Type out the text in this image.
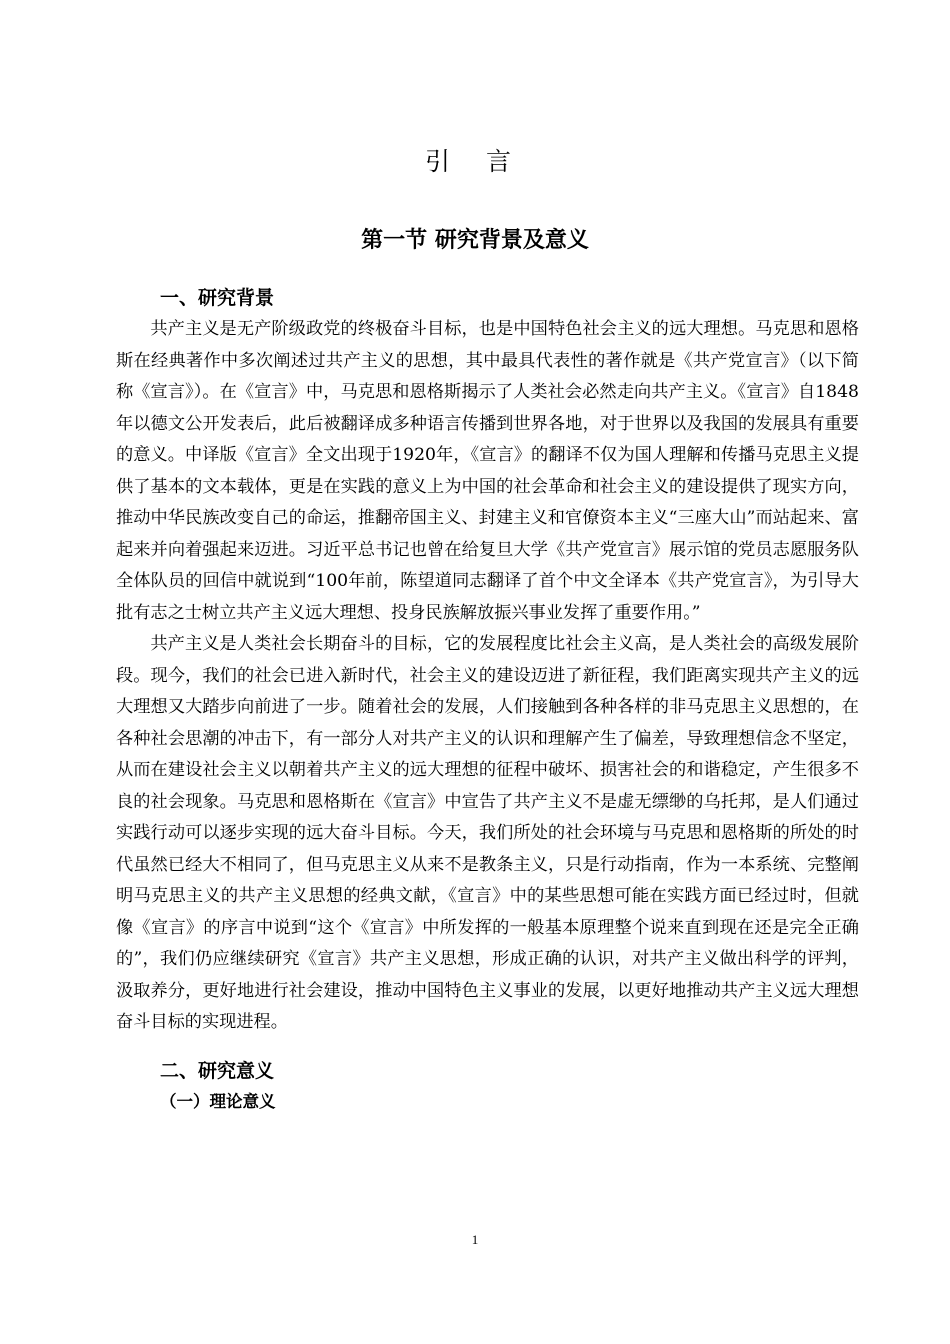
引 言
第一节 研究背景及意义

一、研究背景

共产主义是无产阶级政党的终极奋斗目标，也是中国特色社会主义的远大理想。马克思和恩格斯在经典著作中多次阐述过共产主义的思想，其中最具代表性的著作就是《共产党宣言》（以下简称《宣言》）。在《宣言》中，马克思和恩格斯揭示了人类社会必然走向共产主义。《宣言》自1848年以德文公开发表后，此后被翻译成多种语言传播到世界各地，对于世界以及我国的发展具有重要的意义。中译版《宣言》全文出现于1920年，《宣言》的翻译不仅为国人理解和传播马克思主义提供了基本的文本载体，更是在实践的意义上为中国的社会革命和社会主义的建设提供了现实方向，推动中华民族改变自己的命运，推翻帝国主义、封建主义和官僚资本主义“三座大山”而站起来、富起来并向着强起来迈进。习近平总书记也曾在给复旦大学《共产党宣言》展示馆的党员志愿服务队全体队员的回信中就说到“100年前，陈望道同志翻译了首个中文全译本《共产党宣言》，为引导大批有志之士树立共产主义远大理想、投身民族解放振兴事业发挥了重要作用。”

共产主义是人类社会长期奋斗的目标，它的发展程度比社会主义高，是人类社会的高级发展阶段。现今，我们的社会已进入新时代，社会主义的建设迈进了新征程，我们距离实现共产主义的远大理想又大踏步向前进了一步。随着社会的发展，人们接触到各种各样的非马克思主义思想的，在各种社会思潮的冲击下，有一部分人对共产主义的认识和理解产生了偏差，导致理想信念不坚定，从而在建设社会主义以朝着共产主义的远大理想的征程中破坏、损害社会的和谐稳定，产生很多不良的社会现象。马克思和恩格斯在《宣言》中宣告了共产主义不是虚无缥缈的乌托邦，是人们通过实践行动可以逐步实现的远大奋斗目标。今天，我们所处的社会环境与马克思和恩格斯的所处的时代虽然已经大不相同了，但马克思主义从来不是教条主义，只是行动指南，作为一本系统、完整阐明马克思主义的共产主义思想的经典文献，《宣言》中的某些思想可能在实践方面已经过时，但就像《宣言》的序言中说到“这个《宣言》中所发挥的一般基本原理整个说来直到现在还是完全正确的”，我们仍应继续研究《宣言》共产主义思想，形成正确的认识，对共产主义做出科学的评判，汲取养分，更好地进行社会建设，推动中国特色主义事业的发展，以更好地推动共产主义远大理想奋斗目标的实现进程。

二、研究意义

（一）理论意义

1
